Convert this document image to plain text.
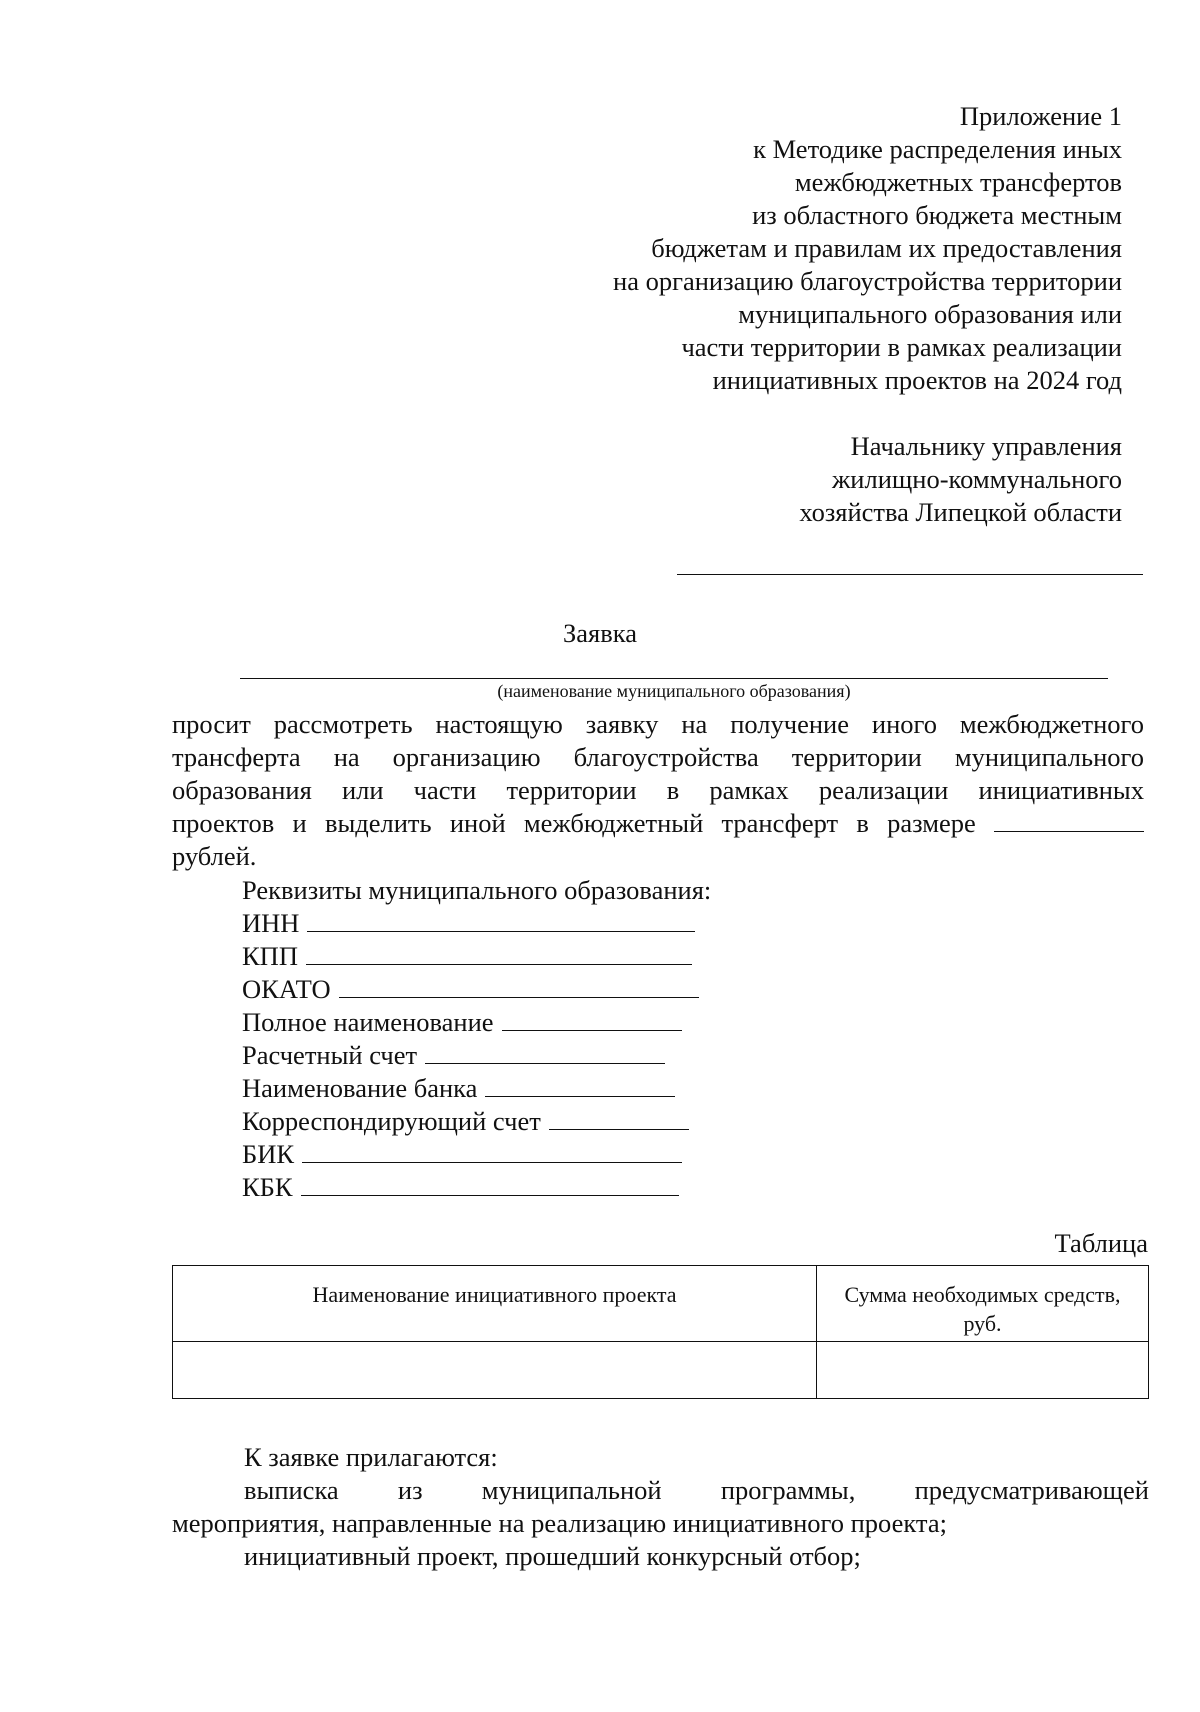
Приложение 1
к Методике распределения иных
межбюджетных трансфертов
из областного бюджета местным
бюджетам и правилам их предоставления
на организацию благоустройства территории
муниципального образования или
части территории в рамках реализации
инициативных проектов на 2024 год
Начальнику управления
жилищно-коммунального
хозяйства Липецкой области
Заявка
(наименование муниципального образования)
просит рассмотреть настоящую заявку на получение иного межбюджетного
трансферта на организацию благоустройства территории муниципального
образования или части территории в рамках реализации инициативных
проектов и выделить иной межбюджетный трансферт в размере
рублей.
Реквизиты муниципального образования:
ИНН
КПП
ОКАТО
Полное наименование
Расчетный счет
Наименование банка
Корреспондирующий счет
БИК
КБК
Таблица
Наименование инициативного проекта	Сумма необходимых средств, руб.

К заявке прилагаются:
выписка из муниципальной программы, предусматривающей
мероприятия, направленные на реализацию инициативного проекта;
инициативный проект, прошедший конкурсный отбор;
